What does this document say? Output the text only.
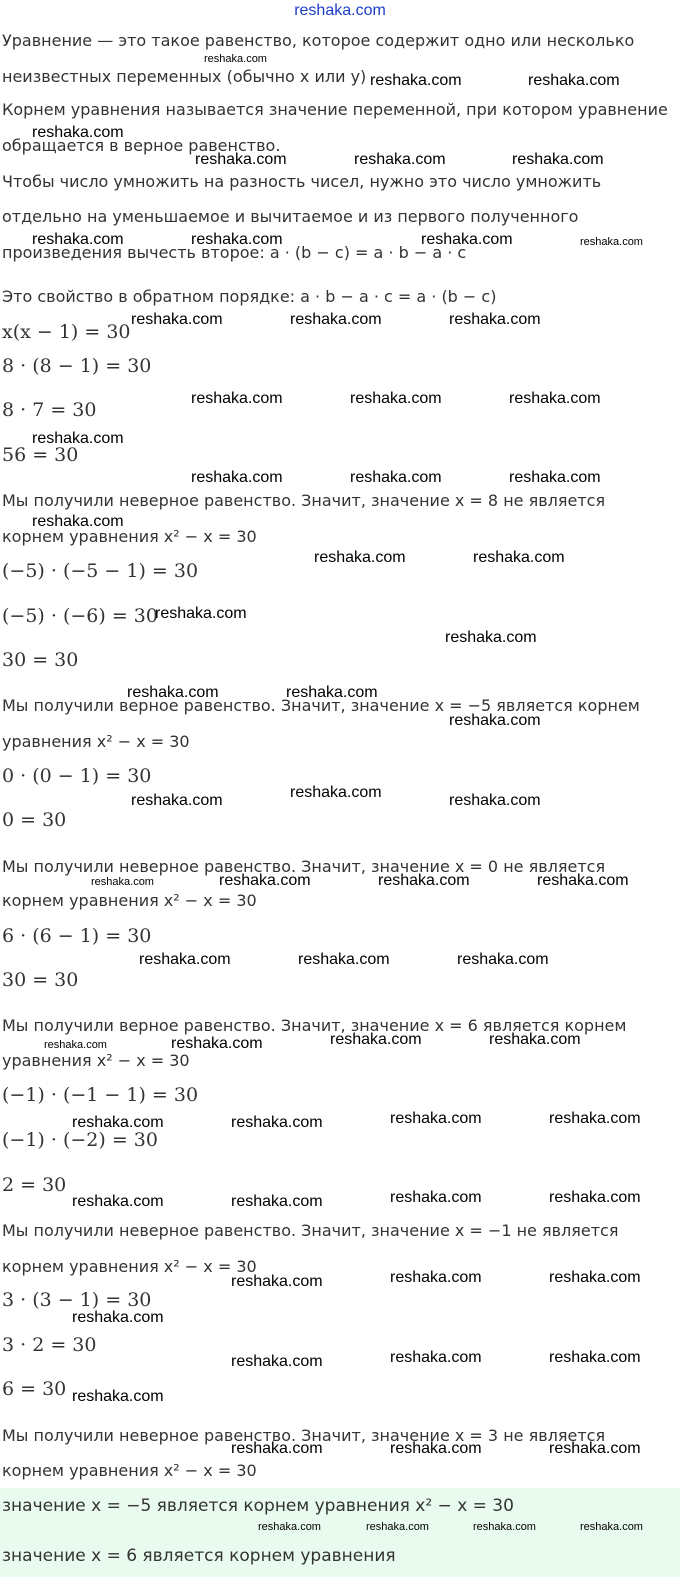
reshaka.com
Уравнение — это такое равенство, которое содержит одно или несколько
неизвестных переменных (обычно x или y)
Корнем уравнения называется значение переменной, при котором уравнение
обращается в верное равенство.
Чтобы число умножить на разность чисел, нужно это число умножить
отдельно на уменьшаемое и вычитаемое и из первого полученного
произведения вычесть второе: a · (b − c) = a · b − a · c
Это свойство в обратном порядке: a · b − a · c = a · (b − c)
x(x − 1) = 30
8 · (8 − 1) = 30
8 · 7 = 30
56 = 30
Мы получили неверное равенство. Значит, значение x = 8 не является
корнем уравнения x² − x = 30
(−5) · (−5 − 1) = 30
(−5) · (−6) = 30
30 = 30
Мы получили верное равенство. Значит, значение x = −5 является корнем
уравнения x² − x = 30
0 · (0 − 1) = 30
0 = 30
Мы получили неверное равенство. Значит, значение x = 0 не является
корнем уравнения x² − x = 30
6 · (6 − 1) = 30
30 = 30
Мы получили верное равенство. Значит, значение x = 6 является корнем
уравнения x² − x = 30
(−1) · (−1 − 1) = 30
(−1) · (−2) = 30
2 = 30
Мы получили неверное равенство. Значит, значение x = −1 не является
корнем уравнения x² − x = 30
3 · (3 − 1) = 30
3 · 2 = 30
6 = 30
Мы получили неверное равенство. Значит, значение x = 3 не является
корнем уравнения x² − x = 30
значение x = −5 является корнем уравнения x² − x = 30
значение x = 6 является корнем уравнения
reshaka.com
reshaka.com	reshaka.com
reshaka.com
reshaka.com	reshaka.com	reshaka.com
reshaka.com	reshaka.com	reshaka.com	reshaka.com
reshaka.com	reshaka.com	reshaka.com
reshaka.com	reshaka.com	reshaka.com
reshaka.com
reshaka.com	reshaka.com	reshaka.com
reshaka.com
reshaka.com	reshaka.com
reshaka.com
reshaka.com
reshaka.com	reshaka.com
reshaka.com
reshaka.com	reshaka.com	reshaka.com
reshaka.com	reshaka.com	reshaka.com	reshaka.com
reshaka.com	reshaka.com	reshaka.com
reshaka.com	reshaka.com	reshaka.com	reshaka.com
reshaka.com	reshaka.com	reshaka.com	reshaka.com
reshaka.com	reshaka.com	reshaka.com	reshaka.com
reshaka.com	reshaka.com	reshaka.com
reshaka.com
reshaka.com	reshaka.com	reshaka.com
reshaka.com
reshaka.com	reshaka.com	reshaka.com
reshaka.com	reshaka.com	reshaka.com	reshaka.com
